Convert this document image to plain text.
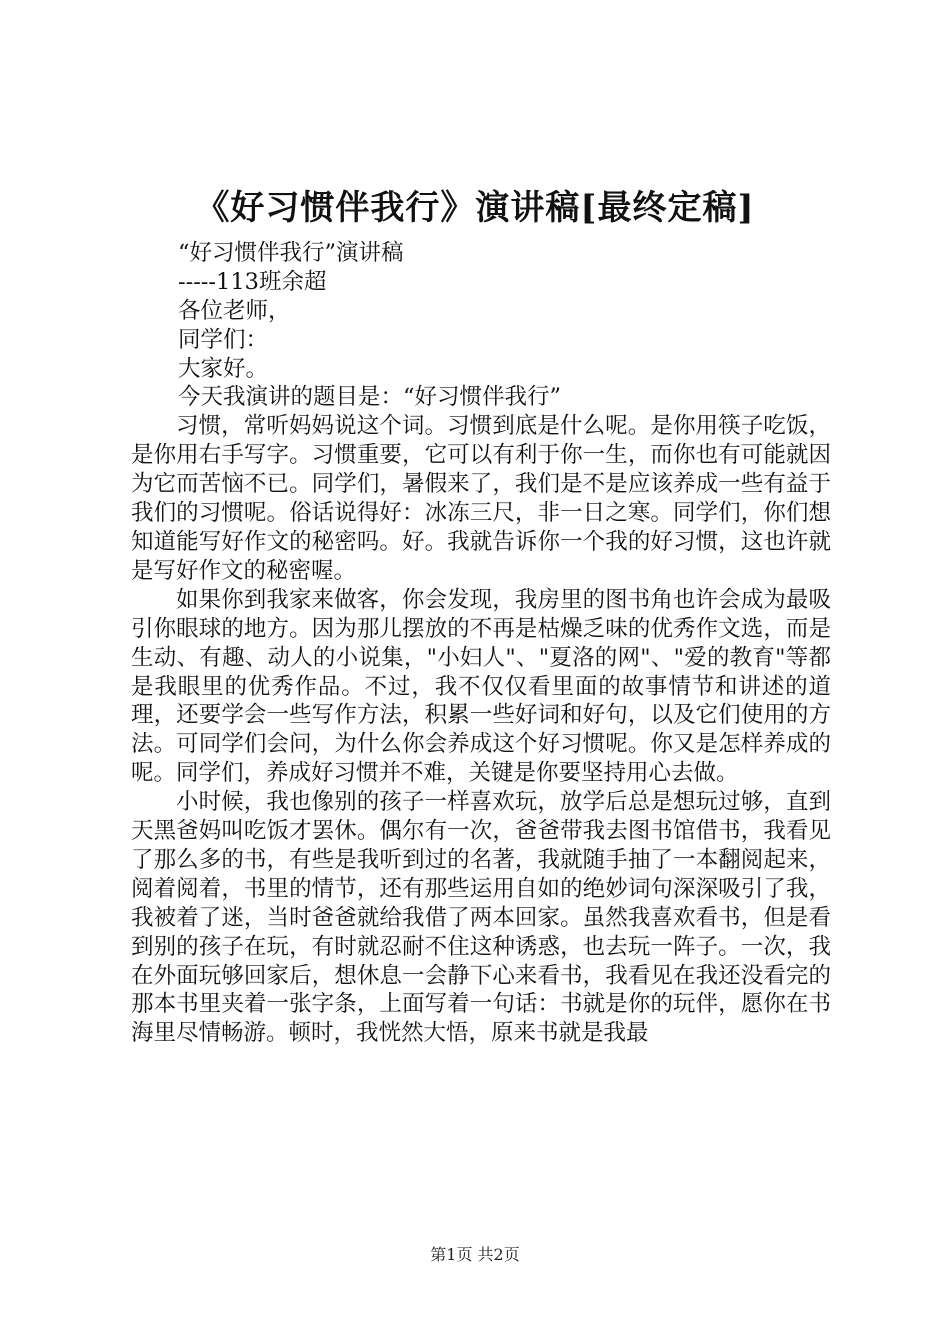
《好习惯伴我行》演讲稿[最终定稿]
“好习惯伴我行”演讲稿
-----113班余超
各位老师，
同学们：
大家好。
今天我演讲的题目是：“好习惯伴我行”

习惯，常听妈妈说这个词。习惯到底是什么呢。是你用筷子吃饭，是你用右手写字。习惯重要，它可以有利于你一生，而你也有可能就因为它而苦恼不已。同学们，暑假来了，我们是不是应该养成一些有益于我们的习惯呢。俗话说得好：冰冻三尺，非一日之寒。同学们，你们想知道能写好作文的秘密吗。好。我就告诉你一个我的好习惯，这也许就是写好作文的秘密喔。

如果你到我家来做客，你会发现，我房里的图书角也许会成为最吸引你眼球的地方。因为那儿摆放的不再是枯燥乏味的优秀作文选，而是生动、有趣、动人的小说集，"小妇人"、"夏洛的网"、"爱的教育"等都是我眼里的优秀作品。不过，我不仅仅看里面的故事情节和讲述的道理，还要学会一些写作方法，积累一些好词和好句，以及它们使用的方法。可同学们会问，为什么你会养成这个好习惯呢。你又是怎样养成的呢。同学们，养成好习惯并不难，关键是你要坚持用心去做。

小时候，我也像别的孩子一样喜欢玩，放学后总是想玩过够，直到天黑爸妈叫吃饭才罢休。偶尔有一次，爸爸带我去图书馆借书，我看见了那么多的书，有些是我听到过的名著，我就随手抽了一本翻阅起来，阅着阅着，书里的情节，还有那些运用自如的绝妙词句深深吸引了我，我被着了迷，当时爸爸就给我借了两本回家。虽然我喜欢看书，但是看到别的孩子在玩，有时就忍耐不住这种诱惑，也去玩一阵子。一次，我在外面玩够回家后，想休息一会静下心来看书，我看见在我还没看完的那本书里夹着一张字条，上面写着一句话：书就是你的玩伴，愿你在书海里尽情畅游。顿时，我恍然大悟，原来书就是我最

第1页 共2页
